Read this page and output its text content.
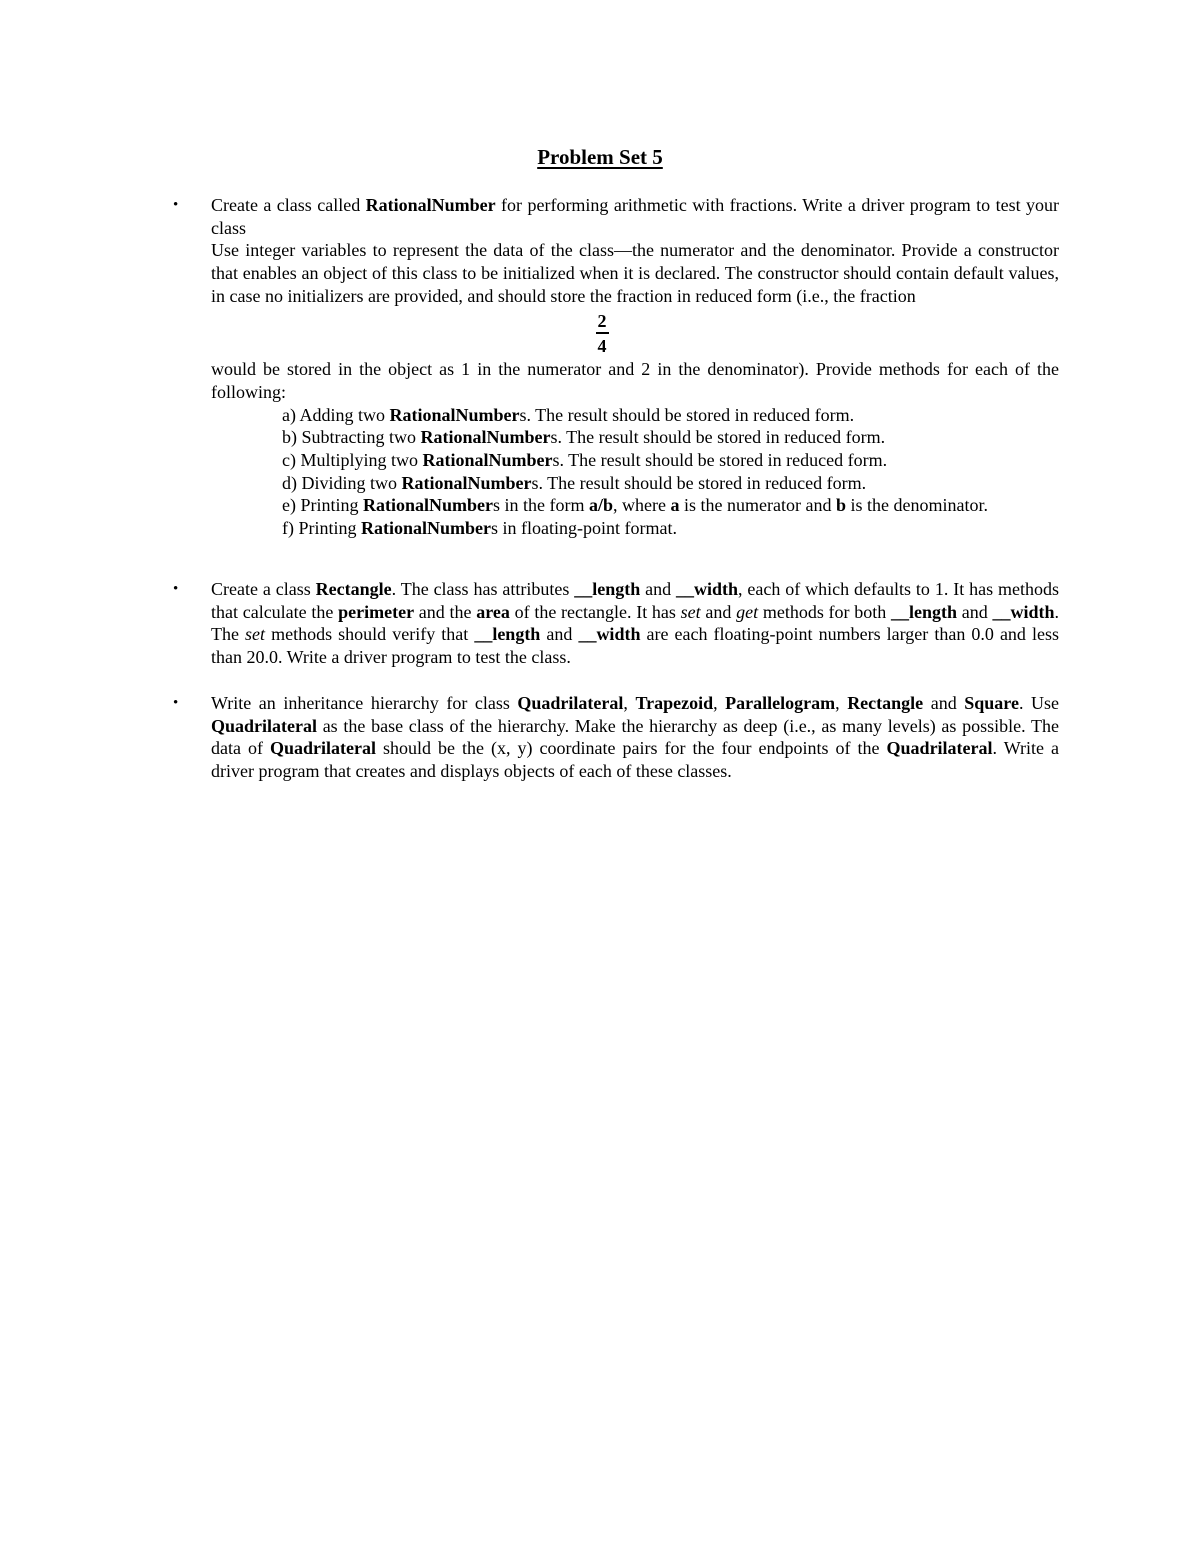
Problem Set 5
• Create a class called RationalNumber for performing arithmetic with fractions. Write a driver program to test your class
Use integer variables to represent the data of the class—the numerator and the denominator. Provide a constructor that enables an object of this class to be initialized when it is declared. The constructor should contain default values, in case no initializers are provided, and should store the fraction in reduced form (i.e., the fraction
$\frac{2}{4}$
would be stored in the object as 1 in the numerator and 2 in the denominator). Provide methods for each of the following:
a) Adding two RationalNumbers. The result should be stored in reduced form.
b) Subtracting two RationalNumbers. The result should be stored in reduced form.
c) Multiplying two RationalNumbers. The result should be stored in reduced form.
d) Dividing two RationalNumbers. The result should be stored in reduced form.
e) Printing RationalNumbers in the form a/b, where a is the numerator and b is the denominator.
f) Printing RationalNumbers in floating-point format.
• Create a class Rectangle. The class has attributes __length and __width, each of which defaults to 1. It has methods that calculate the perimeter and the area of the rectangle. It has set and get methods for both __length and __width. The set methods should verify that __length and __width are each floating-point numbers larger than 0.0 and less than 20.0. Write a driver program to test the class.
• Write an inheritance hierarchy for class Quadrilateral, Trapezoid, Parallelogram, Rectangle and Square. Use Quadrilateral as the base class of the hierarchy. Make the hierarchy as deep (i.e., as many levels) as possible. The data of Quadrilateral should be the (x, y) coordinate pairs for the four endpoints of the Quadrilateral. Write a driver program that creates and displays objects of each of these classes.
